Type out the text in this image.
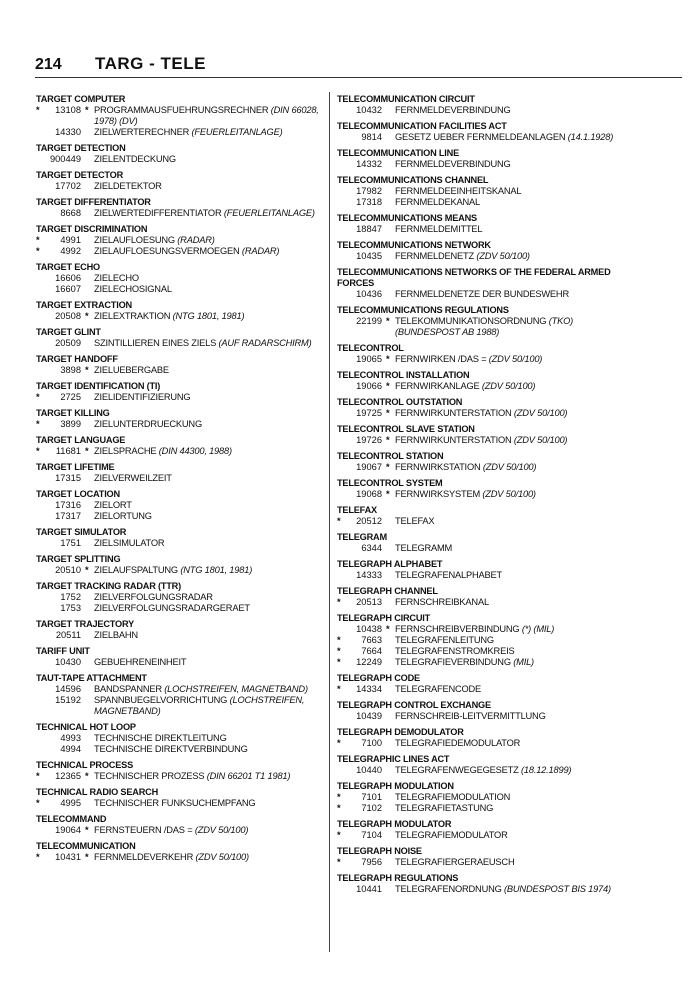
214	TARG - TELE
TARGET COMPUTER
*	13108 * PROGRAMMAUSFUEHRUNGSRECHNER (DIN 66028, 1978) (DV)
14330	ZIELWERTERECHNER (FEUERLEITANLAGE)
TARGET DETECTION
900449	ZIELENTDECKUNG
TARGET DETECTOR
17702	ZIELDETEKTOR
TARGET DIFFERENTIATOR
8668	ZIELWERTEDIFFERENTIATOR (FEUERLEITANLAGE)
TARGET DISCRIMINATION
*	4991	ZIELAUFLOESUNG (RADAR)
*	4992	ZIELAUFLOESUNGSVERMOEGEN (RADAR)
TARGET ECHO
16606	ZIELECHO
16607	ZIELECHOSIGNAL
TARGET EXTRACTION
20508 * ZIELEXTRAKTION (NTG 1801, 1981)
TARGET GLINT
20509	SZINTILLIEREN EINES ZIELS (AUF RADARSCHIRM)
TARGET HANDOFF
3898 * ZIELUEBERGABE
TARGET IDENTIFICATION (TI)
*	2725	ZIELIDENTIFIZIERUNG
TARGET KILLING
*	3899	ZIELUNTERDRUECKUNG
TARGET LANGUAGE
*	11681 * ZIELSPRACHE (DIN 44300, 1988)
TARGET LIFETIME
17315	ZIELVERWEILZEIT
TARGET LOCATION
17316	ZIELORT
17317	ZIELORTUNG
TARGET SIMULATOR
1751	ZIELSIMULATOR
TARGET SPLITTING
20510 * ZIELAUFSPALTUNG (NTG 1801, 1981)
TARGET TRACKING RADAR (TTR)
1752	ZIELVERFOLGUNGSRADAR
1753	ZIELVERFOLGUNGSRADARGERAET
TARGET TRAJECTORY
20511	ZIELBAHN
TARIFF UNIT
10430	GEBUEHRENEINHEIT
TAUT-TAPE ATTACHMENT
14596	BANDSPANNER (LOCHSTREIFEN, MAGNETBAND)
15192	SPANNBUEGELVORRICHTUNG (LOCHSTREIFEN, MAGNETBAND)
TECHNICAL HOT LOOP
4993	TECHNISCHE DIREKTLEITUNG
4994	TECHNISCHE DIREKTVERBINDUNG
TECHNICAL PROCESS
*	12365 * TECHNISCHER PROZESS (DIN 66201 T1 1981)
TECHNICAL RADIO SEARCH
*	4995	TECHNISCHER FUNKSUCHEMPFANG
TELECOMMAND
19064 * FERNSTEUERN /DAS = (ZDV 50/100)
TELECOMMUNICATION
*	10431 * FERNMELDEVERKEHR (ZDV 50/100)
TELECOMMUNICATION CIRCUIT
10432	FERNMELDEVERBINDUNG
TELECOMMUNICATION FACILITIES ACT
9814	GESETZ UEBER FERNMELDEANLAGEN (14.1.1928)
TELECOMMUNICATION LINE
14332	FERNMELDEVERBINDUNG
TELECOMMUNICATIONS CHANNEL
17982	FERNMELDEEINHEITSKANAL
17318	FERNMELDEKANAL
TELECOMMUNICATIONS MEANS
18847	FERNMELDEMITTEL
TELECOMMUNICATIONS NETWORK
10435	FERNMELDENETZ (ZDV 50/100)
TELECOMMUNICATIONS NETWORKS OF THE FEDERAL ARMED FORCES
10436	FERNMELDENETZE DER BUNDESWEHR
TELECOMMUNICATIONS REGULATIONS
22199 * TELEKOMMUNIKATIONSORDNUNG (TKO) (BUNDESPOST AB 1988)
TELECONTROL
19065 * FERNWIRKEN /DAS = (ZDV 50/100)
TELECONTROL INSTALLATION
19066 * FERNWIRKANLAGE (ZDV 50/100)
TELECONTROL OUTSTATION
19725 * FERNWIRKUNTERSTATION (ZDV 50/100)
TELECONTROL SLAVE STATION
19726 * FERNWIRKUNTERSTATION (ZDV 50/100)
TELECONTROL STATION
19067 * FERNWIRKSTATION (ZDV 50/100)
TELECONTROL SYSTEM
19068 * FERNWIRKSYSTEM (ZDV 50/100)
TELEFAX
*	20512	TELEFAX
TELEGRAM
6344	TELEGRAMM
TELEGRAPH ALPHABET
14333	TELEGRAFENALPHABET
TELEGRAPH CHANNEL
*	20513	FERNSCHREIBKANAL
TELEGRAPH CIRCUIT
10438 * FERNSCHREIBVERBINDUNG (*) (MIL)
*	7663	TELEGRAFENLEITUNG
*	7664	TELEGRAFENSTROMKREIS
*	12249	TELEGRAFIEVERBINDUNG (MIL)
TELEGRAPH CODE
*	14334	TELEGRAFENCODE
TELEGRAPH CONTROL EXCHANGE
10439	FERNSCHREIB-LEITVERMITTLUNG
TELEGRAPH DEMODULATOR
*	7100	TELEGRAFIEDEMODULATOR
TELEGRAPHIC LINES ACT
10440	TELEGRAFENWEGEGESETZ (18.12.1899)
TELEGRAPH MODULATION
*	7101	TELEGRAFIEMODULATION
*	7102	TELEGRAFIETASTUNG
TELEGRAPH MODULATOR
*	7104	TELEGRAFIEMODULATOR
TELEGRAPH NOISE
*	7956	TELEGRAFIERGERAEUSCH
TELEGRAPH REGULATIONS
10441	TELEGRAFENORDNUNG (BUNDESPOST BIS 1974)
